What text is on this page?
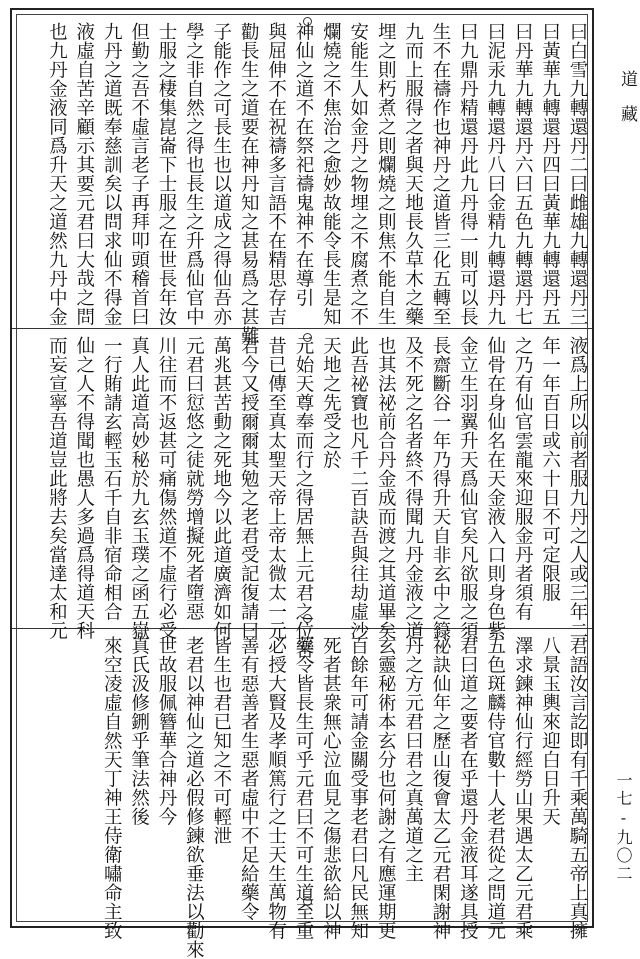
道藏
一七-九〇二
曰白雪九轉還丹二曰雌雄九轉還丹三
曰黃華九轉還丹四曰黃華九轉還丹五
曰丹華九轉還丹六曰五色九轉還丹七
曰泥汞九轉還丹八曰金精九轉還丹九
曰九鼎丹精還丹此九丹得一則可以長
生不在禱作也神丹之道皆三化五轉至
九而上服得之者與天地長久草木之藥
埋之則朽煮之則爛燒之則焦不能自生
安能生人如金丹之物埋之不腐煮之不
爛燒之不焦治之愈妙故能令長生是知
神仙之道不在祭祀禱鬼神不在導引
與屈伸不在祝禱多言語不在精思存吉
勸長生之道要在神丹知之甚易爲之甚難
子能作之可長生也以道成之得仙吾亦
學之非自然之得也長生之升爲仙官中
士服之棲集崑崙下士服之在世長年汝
但勤之吾不虛言老子再拜叩頭稽首曰
九丹之道既奉慈訓矣以問求仙不得金
液虛自苦辛顧示其要元君曰大哉之問
也九丹金液同爲升天之道然九丹中金
液爲上所以前者服九丹之人或三年二
年一年百日或六十日不可定限服
之乃有仙官雲龍來迎服金丹者須有
仙骨在身仙名在天金液入口則身色紫
金立生羽翼升天爲仙官矣凡欲服之須
長齋斷谷一年乃得升天自非玄中之籙
及不死之名者終不得聞九丹金液之道
也其法祕前合丹金成而渡之其道畢矣
此吾祕寶也凡千二百訣吾與往劫虛沙
天地之先受之於
元始天尊奉而行之得居無上元君之位吾
昔已傳至真太聖天帝上帝太微太一元
君今又授爾爾其勉之老君受記復請曰
萬兆甚苦動之死地今以此道廣濟如何
元君曰愆悠之徒就勞增擬死者墮惡
川往而不返甚可痛傷然道不虛行必受
真人此道高妙秘於九玄玉璞之函五嶽
一行賄請玄輕玉石千自非宿命相合
仙之人不得聞也愚人多過爲得道天科
而妄宣寧吾道豈此將去矣當達太和元
君語汝言訖即有千乘萬騎五帝上真擁
八景玉輿來迎白日升天
澤求鍊神仙行經勞山果遇太乙元君乘
五色斑麟侍官數十人老君從之問道元
君曰道之要者在乎還丹金液耳遂具授
祕訣仙年之歷山復會太乙元君閑謝神
丹之方元君曰君之真萬道之主
玄靈秘術本玄分也何謝之有應運期更
百餘年可請金關受事老君曰凡民無知
死者甚衆無心泣血見之傷悲欲給以神
藥令皆長生可乎元君曰不可生道至重
必授大賢及孝順篤行之士天生萬物有
善有惡善者生惡者虛中不足給藥令
皆生也君已知之不可輕泄
老君以神仙之道必假修鍊欲垂法以勸來
世故服佩簪華合神丹今
真氏汲修鉶乎筆法然後
來空凌虛自然天丁神王侍衛嘯命主致
